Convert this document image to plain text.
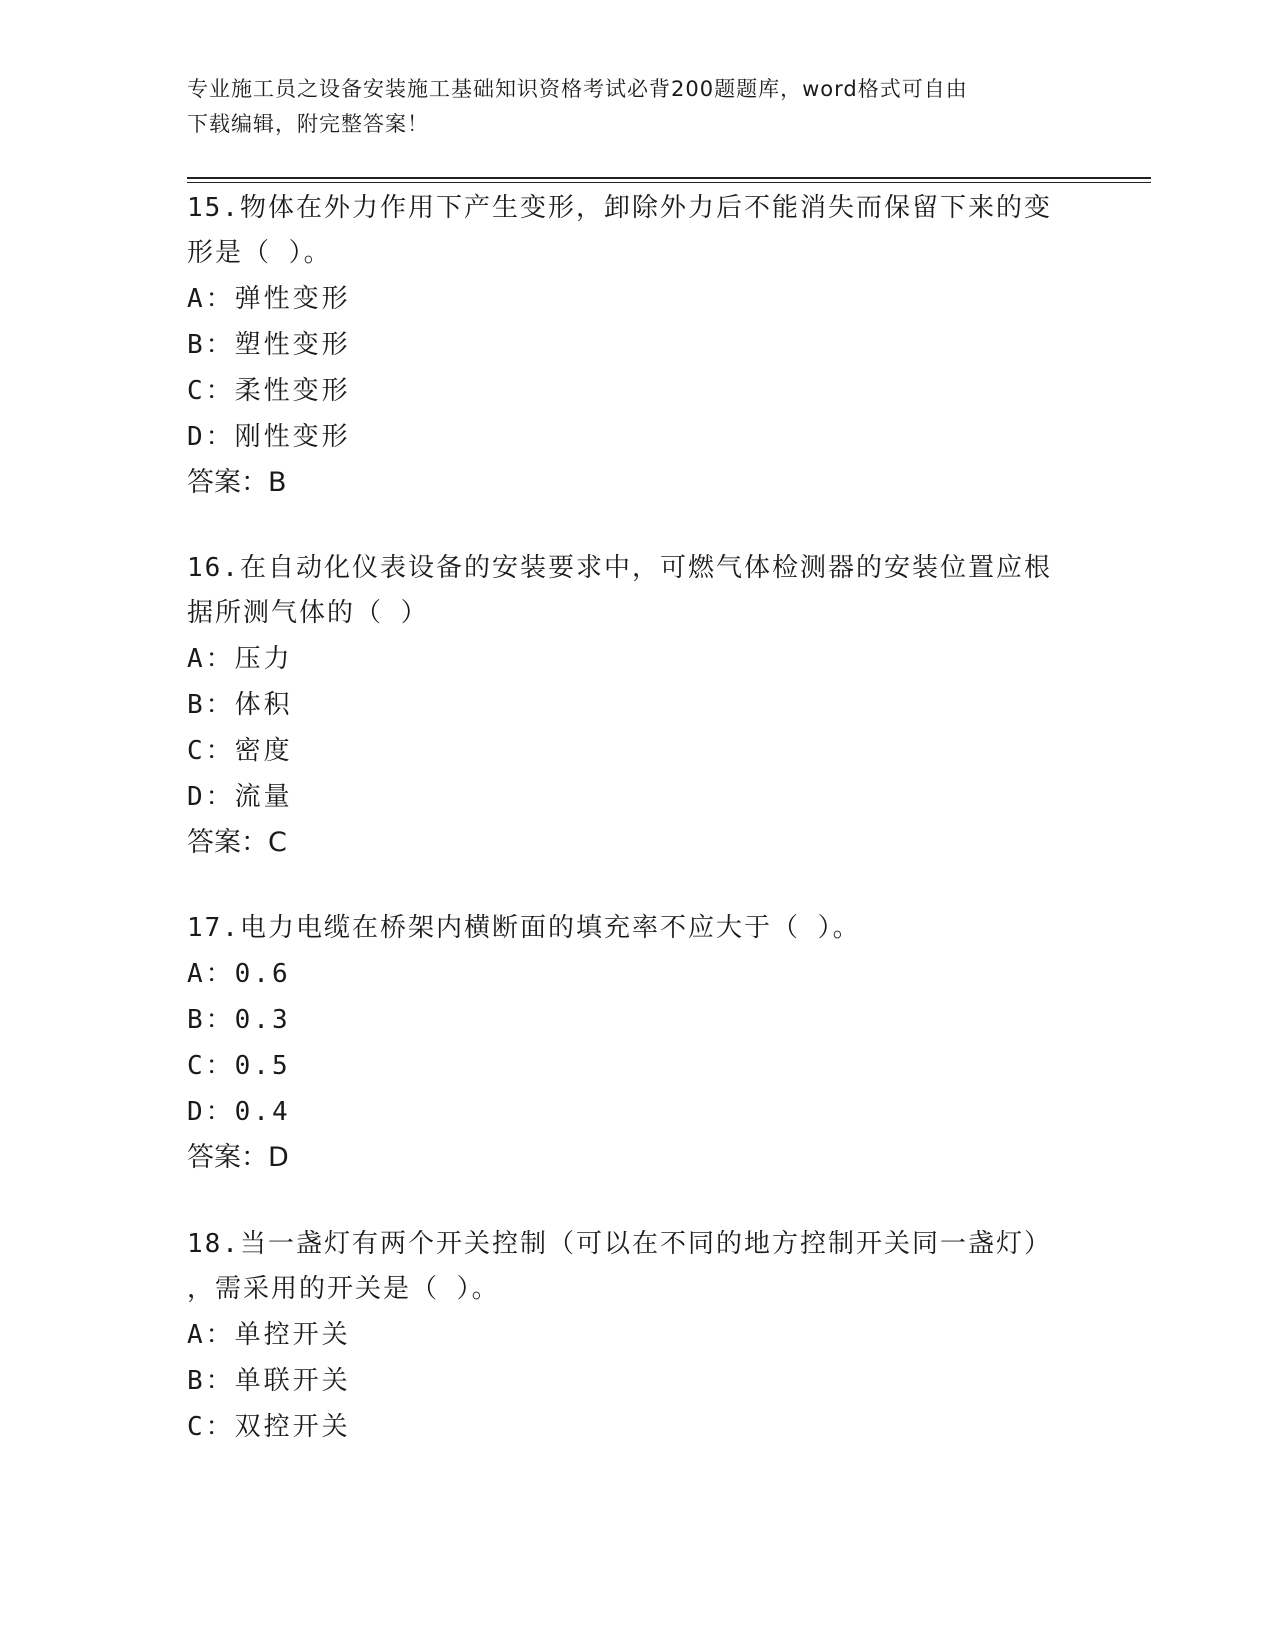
专业施工员之设备安装施工基础知识资格考试必背200题题库，word格式可自由
下载编辑，附完整答案！
15.物体在外力作用下产生变形，卸除外力后不能消失而保留下来的变
形是（ ）。
A：弹性变形
B：塑性变形
C：柔性变形
D：刚性变形
答案：B
16.在自动化仪表设备的安装要求中，可燃气体检测器的安装位置应根
据所测气体的（ ）
A：压力
B：体积
C：密度
D：流量
答案：C
17.电力电缆在桥架内横断面的填充率不应大于（ ）。
A：0.6
B：0.3
C：0.5
D：0.4
答案：D
18.当一盏灯有两个开关控制（可以在不同的地方控制开关同一盏灯）
，需采用的开关是（ ）。
A：单控开关
B：单联开关
C：双控开关
